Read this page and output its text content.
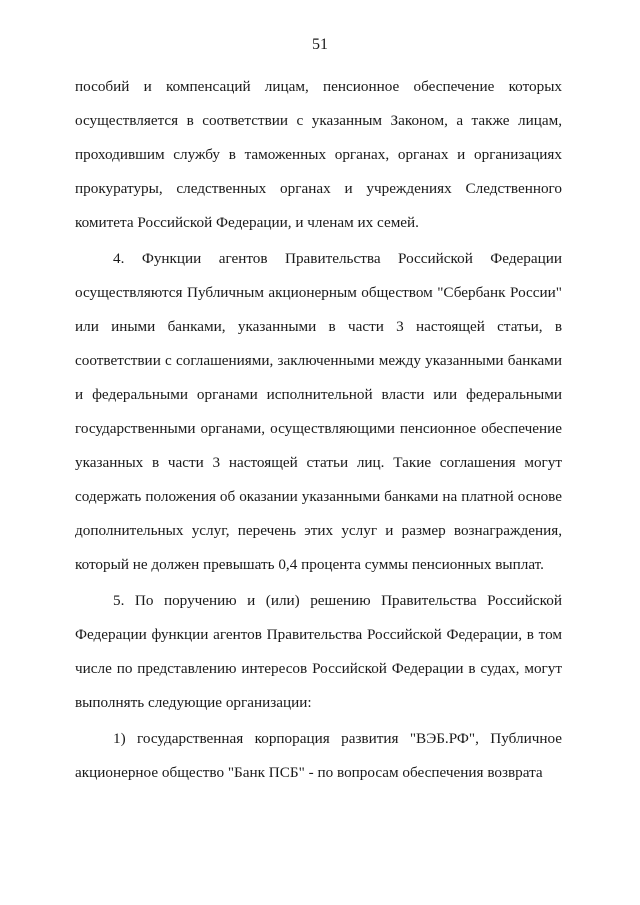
51

пособий и компенсаций лицам, пенсионное обеспечение которых осуществляется в соответствии с указанным Законом, а также лицам, проходившим службу в таможенных органах, органах и организациях прокуратуры, следственных органах и учреждениях Следственного комитета Российской Федерации, и членам их семей.

4. Функции агентов Правительства Российской Федерации осуществляются Публичным акционерным обществом "Сбербанк России" или иными банками, указанными в части 3 настоящей статьи, в соответствии с соглашениями, заключенными между указанными банками и федеральными органами исполнительной власти или федеральными государственными органами, осуществляющими пенсионное обеспечение указанных в части 3 настоящей статьи лиц. Такие соглашения могут содержать положения об оказании указанными банками на платной основе дополнительных услуг, перечень этих услуг и размер вознаграждения, который не должен превышать 0,4 процента суммы пенсионных выплат.

5. По поручению и (или) решению Правительства Российской Федерации функции агентов Правительства Российской Федерации, в том числе по представлению интересов Российской Федерации в судах, могут выполнять следующие организации:

1) государственная корпорация развития "ВЭБ.РФ", Публичное акционерное общество "Банк ПСБ" - по вопросам обеспечения возврата
